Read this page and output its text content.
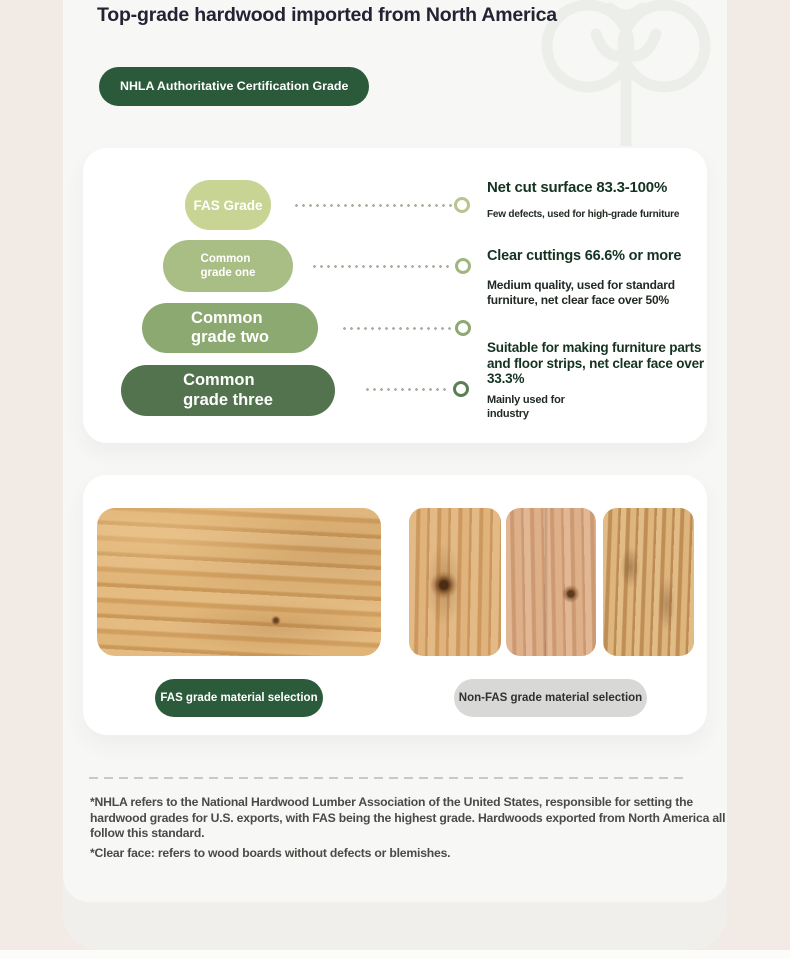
Top-grade hardwood imported from North America
NHLA Authoritative Certification Grade
FAS Grade
Common
grade one
Common
grade two
Common
grade three
Net cut surface 83.3-100%
Few defects, used for high-grade furniture
Clear cuttings 66.6% or more
Medium quality, used for standard furniture, net clear face over 50%
Suitable for making furniture parts and floor strips, net clear face over 33.3%
Mainly used for industry
FAS grade material selection	Non-FAS grade material selection

*NHLA refers to the National Hardwood Lumber Association of the United States, responsible for setting the hardwood grades for U.S. exports, with FAS being the highest grade. Hardwoods exported from North America all follow this standard.

*Clear face: refers to wood boards without defects or blemishes.
